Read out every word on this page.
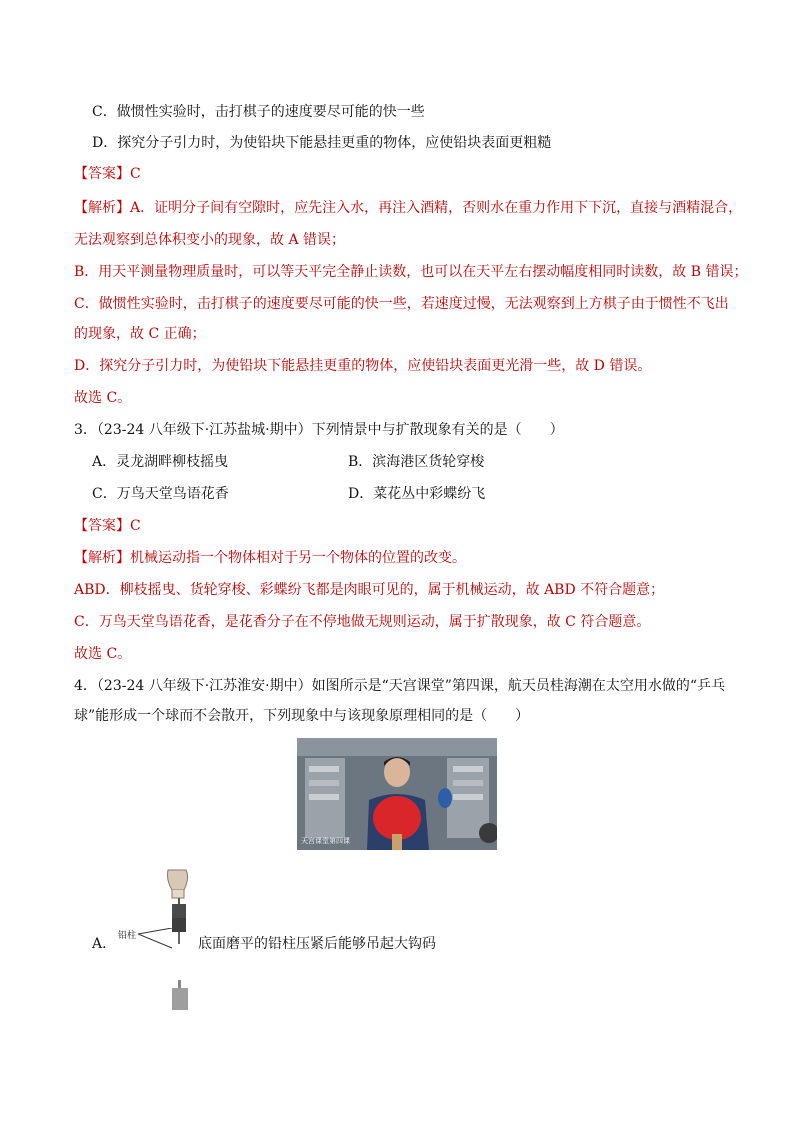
C．做惯性实验时，击打棋子的速度要尽可能的快一些
D．探究分子引力时，为使铅块下能悬挂更重的物体，应使铅块表面更粗糙
【答案】C
【解析】A．证明分子间有空隙时，应先注入水，再注入酒精，否则水在重力作用下下沉，直接与酒精混合，
无法观察到总体积变小的现象，故 A 错误；
B．用天平测量物理质量时，可以等天平完全静止读数，也可以在天平左右摆动幅度相同时读数，故 B 错误；
C．做惯性实验时，击打棋子的速度要尽可能的快一些，若速度过慢，无法观察到上方棋子由于惯性不飞出
的现象，故 C 正确；
D．探究分子引力时，为使铅块下能悬挂更重的物体，应使铅块表面更光滑一些，故 D 错误。
故选 C。
3．（23-24 八年级下·江苏盐城·期中）下列情景中与扩散现象有关的是（　　）
A．灵龙湖畔柳枝摇曳	B．滨海港区货轮穿梭
C．万鸟天堂鸟语花香	D．菜花丛中彩蝶纷飞
【答案】C
【解析】机械运动指一个物体相对于另一个物体的位置的改变。
ABD．柳枝摇曳、货轮穿梭、彩蝶纷飞都是肉眼可见的，属于机械运动，故 ABD 不符合题意；
C．万鸟天堂鸟语花香，是花香分子在不停地做无规则运动，属于扩散现象，故 C 符合题意。
故选 C。
4．（23-24 八年级下·江苏淮安·期中）如图所示是“天宫课堂”第四课，航天员桂海潮在太空用水做的“乒乓
球”能形成一个球而不会散开，下列现象中与该现象原理相同的是（　　）
天宫课堂第四课
A． 铅柱	底面磨平的铅柱压紧后能够吊起大钩码
